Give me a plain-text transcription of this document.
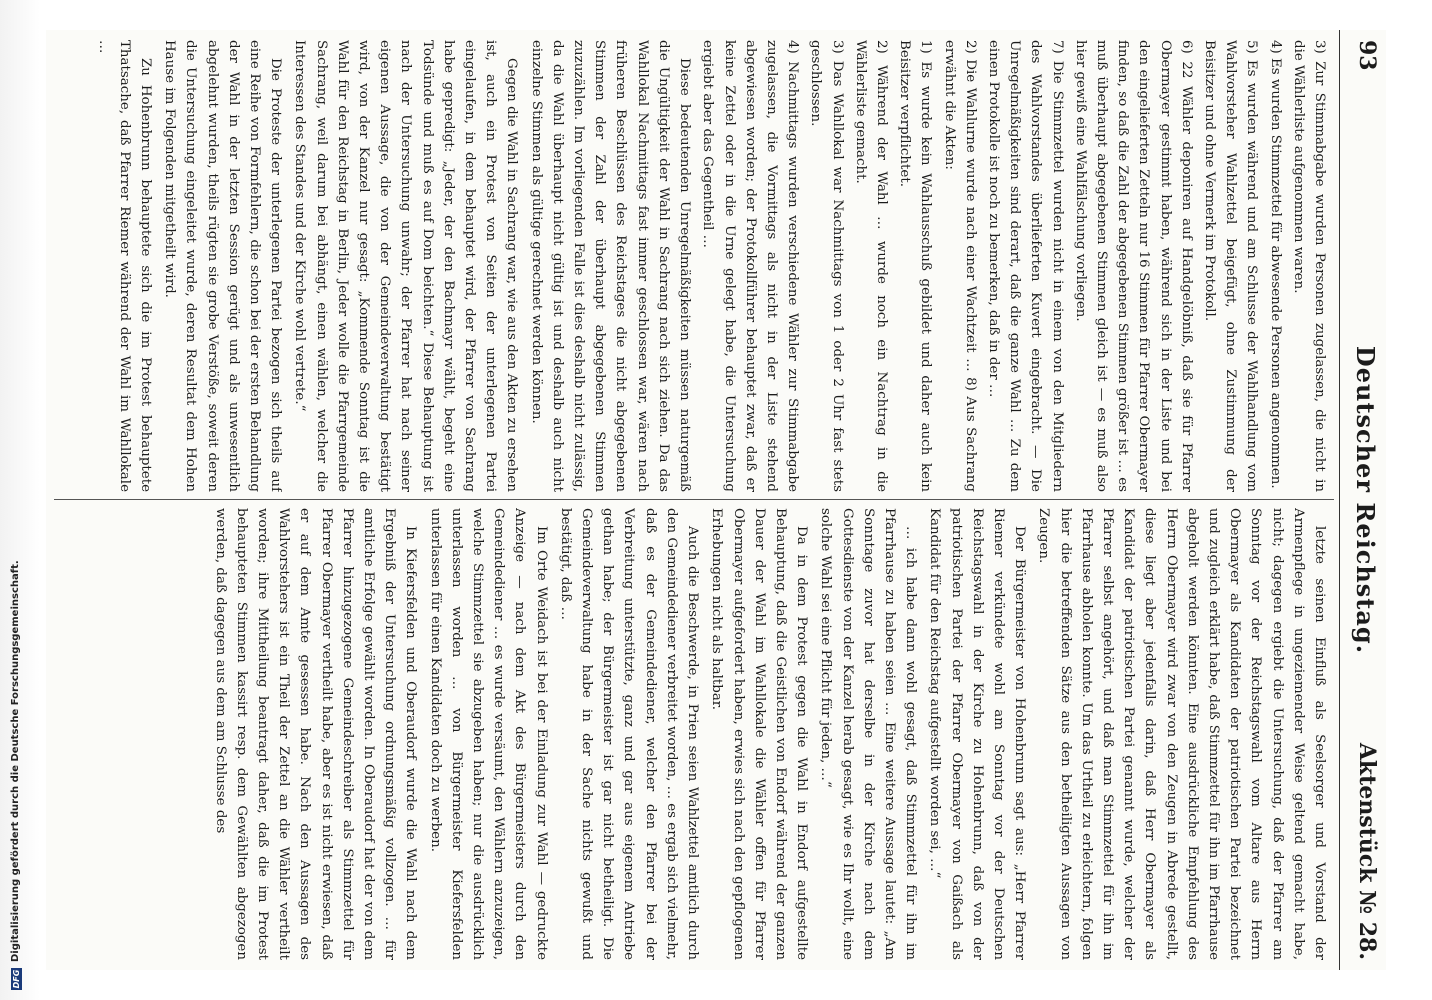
DFG
Digitalisierung gefördert durch die Deutsche Forschungsgemeinschaft.
93
Deutscher Reichstag.
Aktenstück № 28.

3) Zur Stimmabgabe wurden Personen zugelassen, die nicht in die Wählerliste aufgenommen waren.

4) Es wurden Stimmzettel für abwesende Personen angenommen.

5) Es wurden während und am Schlusse der Wahlhandlung vom Wahlvorsteher Wahlzettel beigefügt, ohne Zustimmung der Beisitzer und ohne Vermerk im Protokoll.

6) 22 Wähler deponiren auf Handgelöbniß, daß sie für Pfarrer Obermayer gestimmt haben, während sich in der Liste und bei den eingelieferten Zetteln nur 16 Stimmen für Pfarrer Obermayer finden, so daß die Zahl der abgegebenen Stimmen größer ist … es muß überhaupt abgegebenen Stimmen gleich ist — es muß also hier gewiß eine Wahlfälschung vorliegen.

7) Die Stimmzettel wurden nicht in einem von den Mitgliedern des Wahlvorstandes überlieferten Kuvert eingebracht. — Die Unregelmäßigkeiten sind derart, daß die ganze Wahl … Zu dem einen Protokolle ist noch zu bemerken, daß in der …

2) Die Wahlurne wurde nach einer Wachtzeit … 8) Aus Sachrang erwähnt die Akten:

1) Es wurde kein Wahlausschuß gebildet und daher auch kein Beisitzer verpflichtet.

2) Während der Wahl … wurde noch ein Nachtrag in die Wählerliste gemacht.

3) Das Wahllokal war Nachmittags von 1 oder 2 Uhr fast stets geschlossen.

4) Nachmittags wurden verschiedene Wähler zur Stimmabgabe zugelassen, die Vormittags als nicht in der Liste stehend abgewiesen worden; der Protokollführer behauptet zwar, daß er keine Zettel oder in die Urne gelegt habe, die Untersuchung ergiebt aber das Gegentheil …

Diese bedeutenden Unregelmäßigkeiten müssen naturgemäß die Ungültigkeit der Wahl in Sachrang nach sich ziehen. Da das Wahllokal Nachmittags fast immer geschlossen war, wären nach früheren Beschlüssen des Reichstages die nicht abgegebenen Stimmen der Zahl der überhaupt abgegebenen Stimmen zuzuzählen. Im vorliegenden Falle ist dies deshalb nicht zulässig, da die Wahl überhaupt nicht gültig ist und deshalb auch nicht einzelne Stimmen als gültige gerechnet werden können.

Gegen die Wahl in Sachrang war, wie aus den Akten zu ersehen ist, auch ein Protest von Seiten der unterlegenen Partei eingelaufen, in dem behauptet wird, der Pfarrer von Sachrang habe gepredigt: „Jeder, der den Bachmayr wählt, begeht eine Todsünde und muß es auf Dom beichten.“ Diese Behauptung ist nach der Untersuchung unwahr; der Pfarrer hat nach seiner eigenen Aussage, die von der Gemeindeverwaltung bestätigt wird, von der Kanzel nur gesagt: „Kommende Sonntag ist die Wahl für den Reichstag in Berlin, Jeder wolle die Pfarrgemeinde Sachrang, weil darum bei abhängt, einen wählen, welcher die Interessen des Standes und der Kirche wohl vertrete.“

Die Proteste der unterlegenen Partei bezogen sich theils auf eine Reihe von Formfehlern, die schon bei der ersten Behandlung der Wahl in der letzten Session gerügt und als unwesentlich abgelehnt wurden, theils rügten sie grobe Verstöße, soweit deren die Untersuchung eingeleitet wurde, deren Resultat dem Hohen Hause im Folgenden mitgetheilt wird.

Zu Hohenbrunn behauptete sich die im Protest behauptete Thatsache, daß Pfarrer Riemer während der Wahl im Wahllokale …

letzte seinen Einfluß als Seelsorger und Vorstand der Armenpflege in ungeziemender Weise geltend gemacht habe, nicht; dagegen ergiebt die Untersuchung, daß der Pfarrer am Sonntag vor der Reichstagswahl vom Altare aus Herrn Obermayer als Kandidaten der patriotischen Partei bezeichnet und zugleich erklärt habe, daß Stimmzettel für ihn im Pfarrhause abgeholt werden könnten. Eine ausdrückliche Empfehlung des Herrn Obermayer wird zwar von den Zeugen in Abrede gestellt, diese liegt aber jedenfalls darin, daß Herr Obermayer als Kandidat der patriotischen Partei genannt wurde, welcher der Pfarrer selbst angehört, und daß man Stimmzettel für ihn im Pfarrhause abholen konnte. Um das Urtheil zu erleichtern, folgen hier die betreffenden Sätze aus den betheiligten Aussagen von Zeugen.

Der Bürgermeister von Hohenbrunn sagt aus: „Herr Pfarrer Riemer verkündete wohl am Sonntag vor der Deutschen Reichstagswahl in der Kirche zu Hohenbrunn, daß von der patriotischen Partei der Pfarrer Obermayer von Gaißach als Kandidat für den Reichstag aufgestellt worden sei, …“

… ich habe dann wohl gesagt, daß Stimmzettel für ihn im Pfarrhause zu haben seien … Eine weitere Aussage lautet: „Am Sonntage zuvor hat derselbe in der Kirche nach dem Gottesdienste von der Kanzel herab gesagt, wie es Ihr wollt, eine solche Wahl sei eine Pflicht für jeden, …“

Da in dem Protest gegen die Wahl in Endorf aufgestellte Behauptung, daß die Geistlichen von Endorf während der ganzen Dauer der Wahl im Wahllokale die Wähler offen für Pfarrer Obermayer aufgefordert haben, erwies sich nach den gepflogenen Erhebungen nicht als haltbar.

Auch die Beschwerde, in Prien seien Wahlzettel amtlich durch den Gemeindediener verbreitet worden, … es ergab sich vielmehr, daß es der Gemeindediener, welcher den Pfarrer bei der Verbreitung unterstützte, ganz und gar aus eigenem Antriebe gethan habe; der Bürgermeister ist gar nicht betheiligt. Die Gemeindeverwaltung habe in der Sache nichts gewußt und bestätigt, daß …

Im Orte Weidach ist bei der Einladung zur Wahl — gedruckte Anzeige — nach dem Akt des Bürgermeisters durch den Gemeindediener … es wurde versäumt, den Wählern anzuzeigen, welche Stimmzettel sie abzugeben haben; nur die ausdrücklich unterlassen worden … von Bürgermeister Kiefersfelden unterlassen für einen Kandidaten doch zu werben.

In Kiefersfelden und Oberaudorf wurde die Wahl nach dem Ergebniß der Untersuchung ordnungsmäßig vollzogen. … für amtliche Erfolge gewählt worden. In Oberaudorf hat der von dem Pfarrer hinzugezogene Gemeindeschreiber als Stimmzettel für Pfarrer Obermayer vertheilt habe, aber es ist nicht erwiesen, daß er auf dem Amte gesessen habe. Nach den Aussagen des Wahlvorstehers ist ein Theil der Zettel an die Wähler vertheilt worden; ihre Mittheilung beantragt daher, daß die im Protest behaupteten Stimmen kassirt resp. dem Gewählten abgezogen werden, daß dagegen aus dem am Schlusse des
